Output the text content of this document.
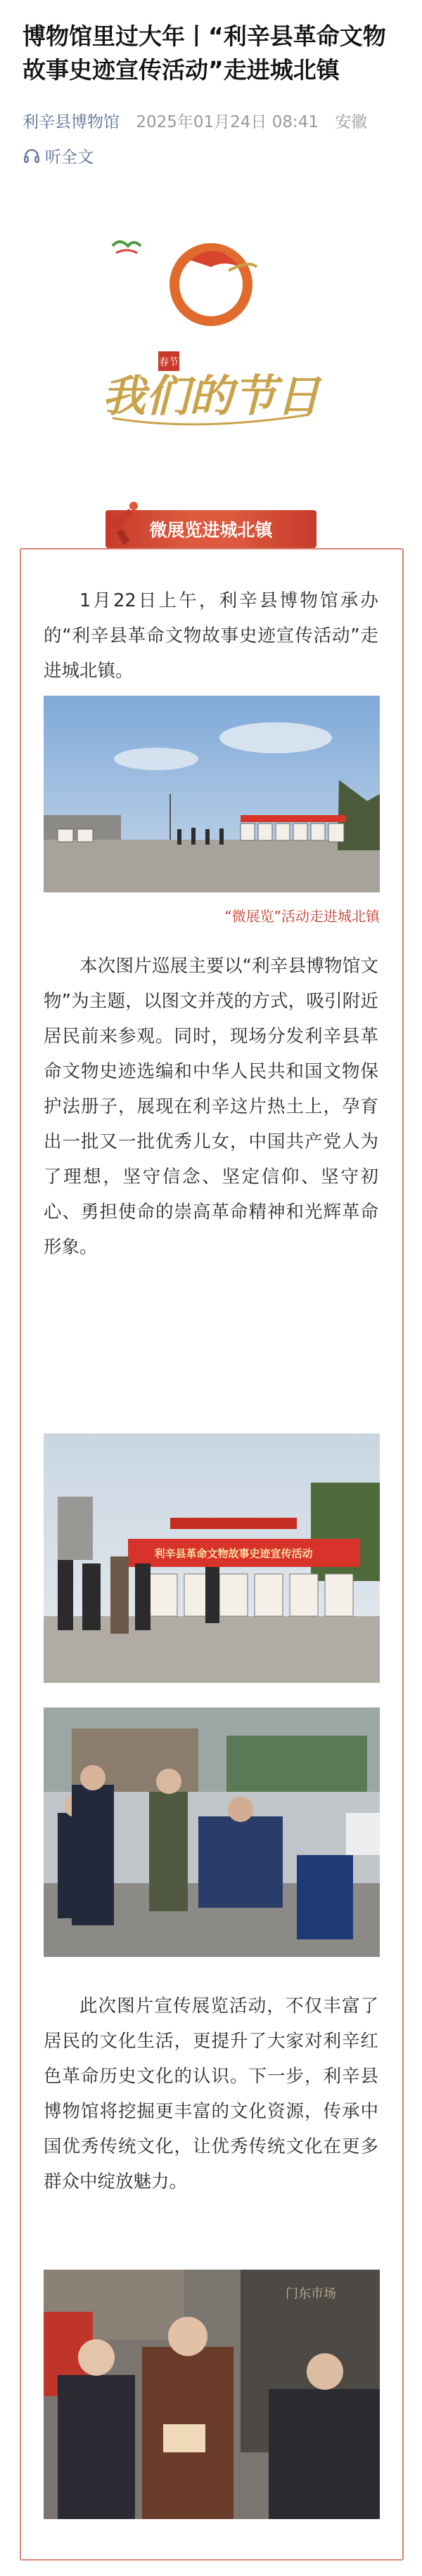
博物馆里过大年丨“利辛县革命文物故事史迹宣传活动”走进城北镇
利辛县博物馆 2025年01月24日 08:41 安徽
听全文
春节
我们的节日
微展览进城北镇

1月22日上午，利辛县博物馆承办的“利辛县革命文物故事史迹宣传活动”走进城北镇。

“微展览”活动走进城北镇

本次图片巡展主要以“利辛县博物馆文物”为主题，以图文并茂的方式，吸引附近居民前来参观。同时，现场分发利辛县革命文物史迹选编和中华人民共和国文物保护法册子，展现在利辛这片热土上，孕育出一批又一批优秀儿女，中国共产党人为了理想，坚守信念、坚定信仰、坚守初心、勇担使命的崇高革命精神和光辉革命形象。

利辛县革命文物故事史迹宣传活动

此次图片宣传展览活动，不仅丰富了居民的文化生活，更提升了大家对利辛红色革命历史文化的认识。下一步，利辛县博物馆将挖掘更丰富的文化资源，传承中国优秀传统文化，让优秀传统文化在更多群众中绽放魅力。

门东市场
